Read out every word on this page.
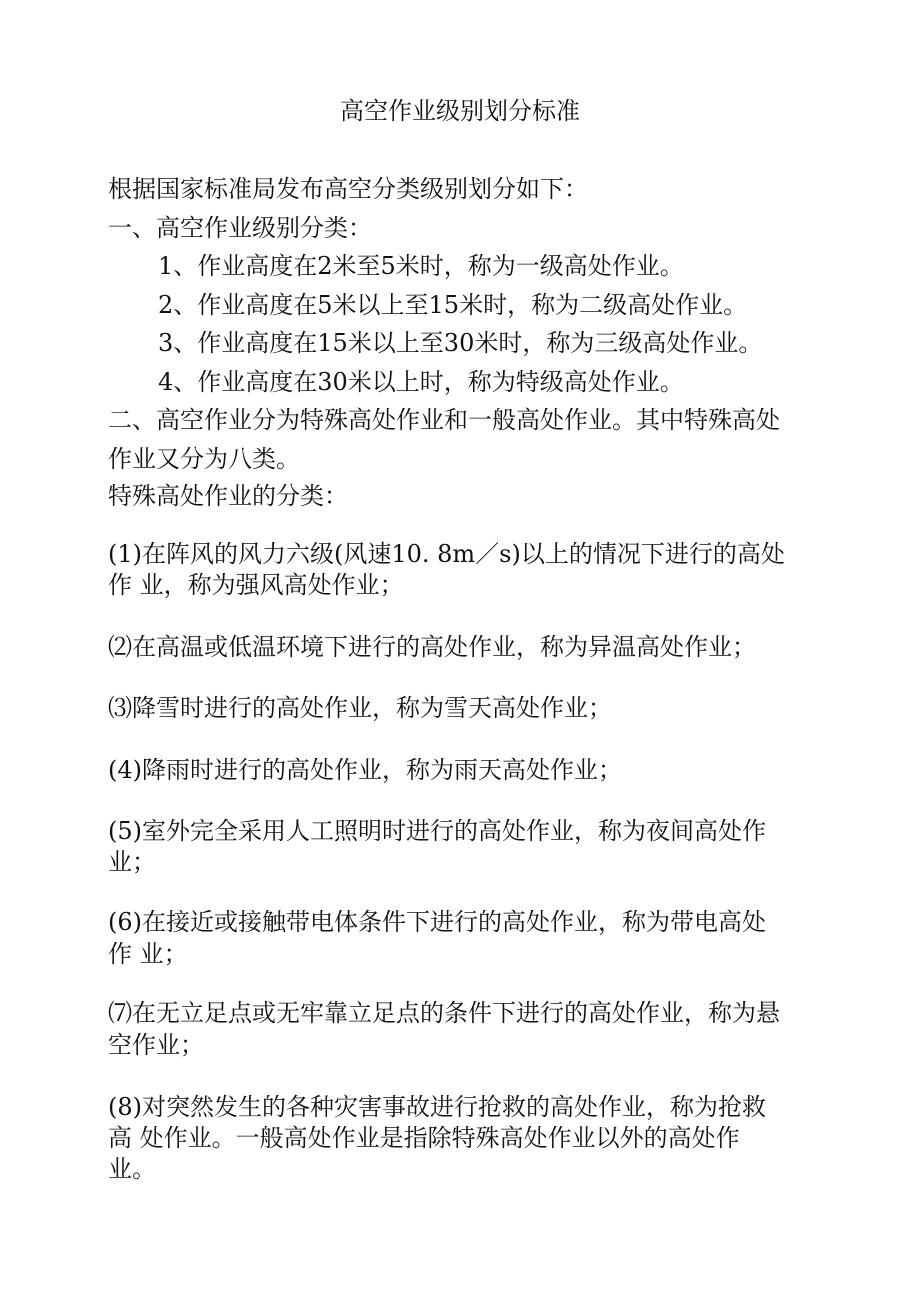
高空作业级别划分标准
根据国家标准局发布高空分类级别划分如下：
一、高空作业级别分类：
1、作业高度在2米至5米时，称为一级高处作业。
2、作业高度在5米以上至15米时，称为二级高处作业。
3、作业高度在15米以上至30米时，称为三级高处作业。
4、作业高度在30米以上时，称为特级高处作业。
二、高空作业分为特殊高处作业和一般高处作业。其中特殊高处
作业又分为八类。
特殊高处作业的分类：
(1)在阵风的风力六级(风速10. 8m／s)以上的情况下进行的高处
作 业，称为强风高处作业；
⑵在高温或低温环境下进行的高处作业，称为异温高处作业；
⑶降雪时进行的高处作业，称为雪天高处作业；
(4)降雨时进行的高处作业，称为雨天高处作业；
(5)室外完全采用人工照明时进行的高处作业，称为夜间高处作
业；
(6)在接近或接触带电体条件下进行的高处作业，称为带电高处
作 业；
⑺在无立足点或无牢靠立足点的条件下进行的高处作业，称为悬
空作业；
(8)对突然发生的各种灾害事故进行抢救的高处作业，称为抢救
高 处作业。一般高处作业是指除特殊高处作业以外的高处作
业。
